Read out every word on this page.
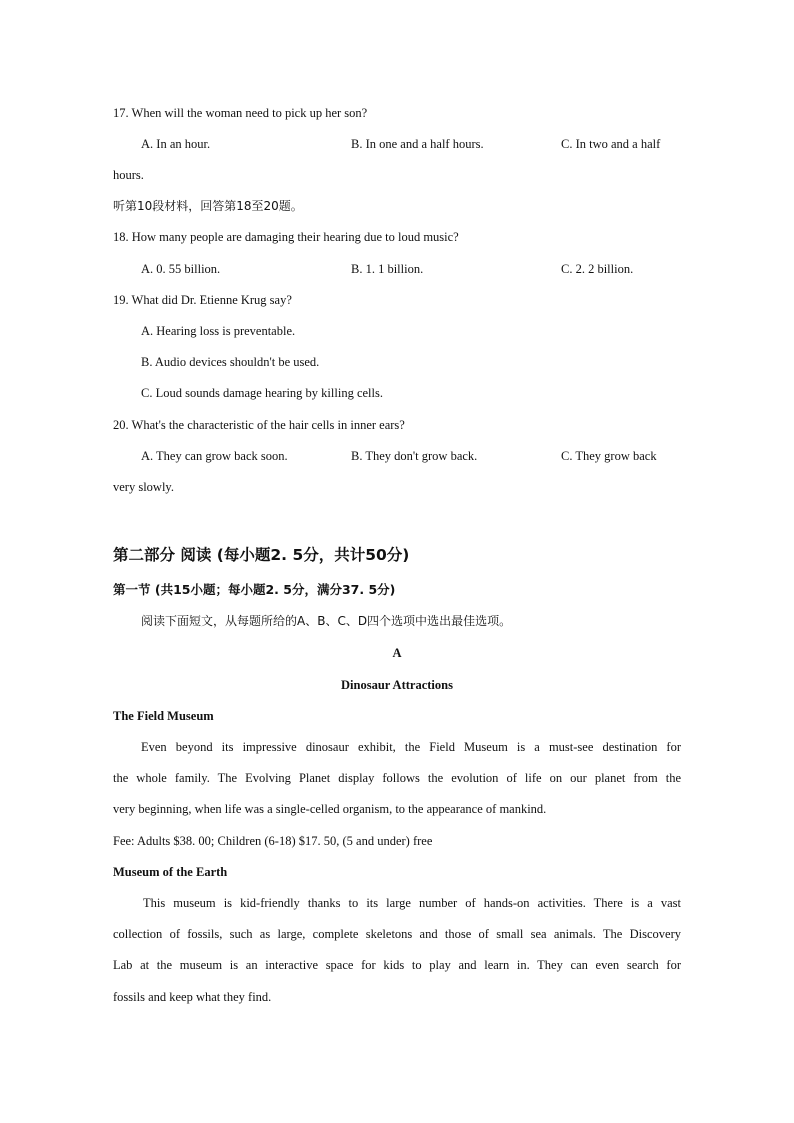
17. When will the woman need to pick up her son?
A. In an hour.	B. In one and a half hours.	C. In two and a half
hours.
听第10段材料，回答第18至20题。
18. How many people are damaging their hearing due to loud music?
A. 0. 55 billion.	B. 1. 1 billion.	C. 2. 2 billion.
19. What did Dr. Etienne Krug say?
A. Hearing loss is preventable.
B. Audio devices shouldn't be used.
C. Loud sounds damage hearing by killing cells.
20. What's the characteristic of the hair cells in inner ears?
A. They can grow back soon.	B. They don't grow back.	C. They grow back
very slowly.
第二部分 阅读 (每小题2. 5分，共计50分)
第一节 (共15小题；每小题2. 5分，满分37. 5分)
阅读下面短文，从每题所给的A、B、C、D四个选项中选出最佳选项。
A
Dinosaur Attractions
The Field Museum
Even beyond its impressive dinosaur exhibit, the Field Museum is a must-see destination for
the whole family. The Evolving Planet display follows the evolution of life on our planet from the
very beginning, when life was a single-celled organism, to the appearance of mankind.
Fee: Adults $38. 00; Children (6-18) $17. 50, (5 and under) free
Museum of the Earth
This museum is kid-friendly thanks to its large number of hands-on activities. There is a vast
collection of fossils, such as large, complete skeletons and those of small sea animals. The Discovery
Lab at the museum is an interactive space for kids to play and learn in. They can even search for
fossils and keep what they find.
